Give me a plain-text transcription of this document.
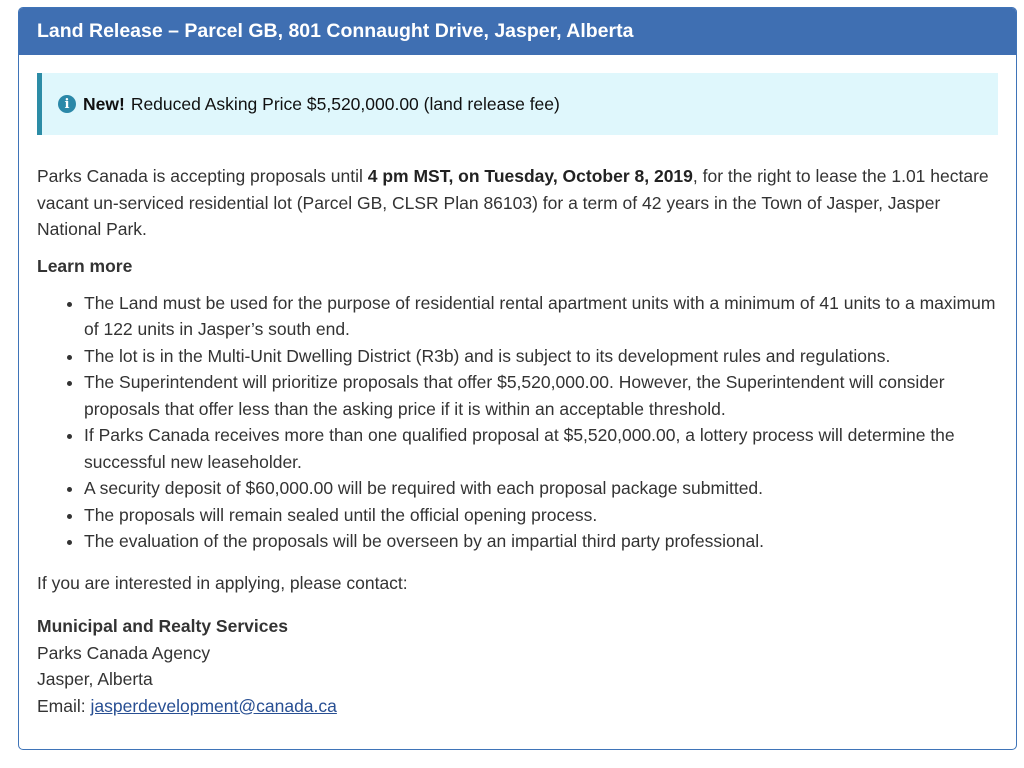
Land Release – Parcel GB, 801 Connaught Drive, Jasper, Alberta
i New! Reduced Asking Price $5,520,000.00 (land release fee)

Parks Canada is accepting proposals until 4 pm MST, on Tuesday, October 8, 2019, for the right to lease the 1.01 hectare vacant un-serviced residential lot (Parcel GB, CLSR Plan 86103) for a term of 42 years in the Town of Jasper, Jasper National Park.

Learn more
• The Land must be used for the purpose of residential rental apartment units with a minimum of 41 units to a maximum of 122 units in Jasper’s south end.
• The lot is in the Multi-Unit Dwelling District (R3b) and is subject to its development rules and regulations.
• The Superintendent will prioritize proposals that offer $5,520,000.00. However, the Superintendent will consider proposals that offer less than the asking price if it is within an acceptable threshold.
• If Parks Canada receives more than one qualified proposal at $5,520,000.00, a lottery process will determine the successful new leaseholder.
• A security deposit of $60,000.00 will be required with each proposal package submitted.
• The proposals will remain sealed until the official opening process.
• The evaluation of the proposals will be overseen by an impartial third party professional.

If you are interested in applying, please contact:

Municipal and Realty Services
Parks Canada Agency
Jasper, Alberta
Email: jasperdevelopment@canada.ca
